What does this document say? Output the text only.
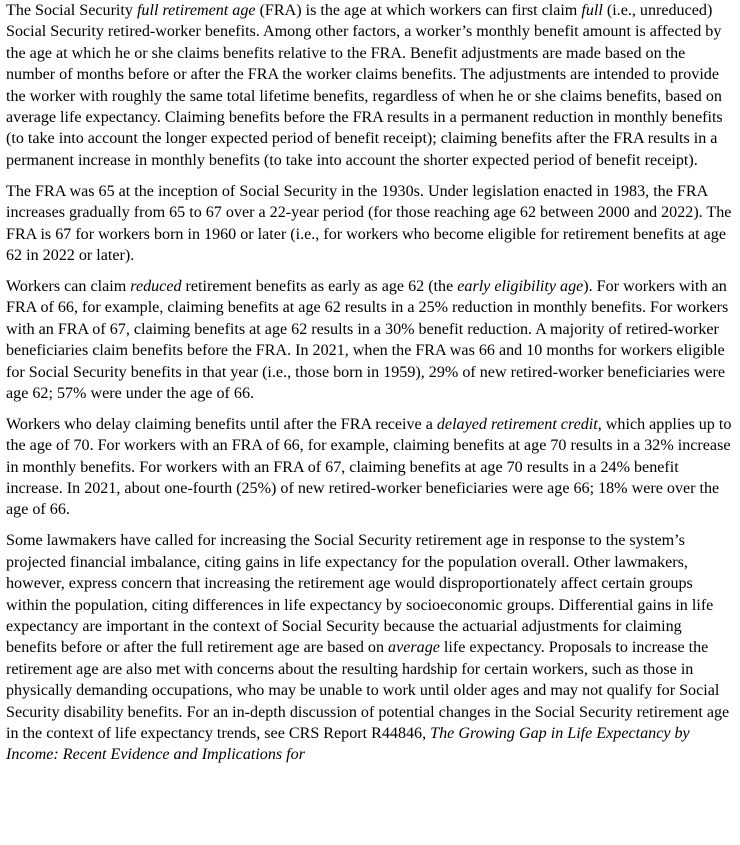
The Social Security full retirement age (FRA) is the age at which workers can first claim full (i.e., unreduced) Social Security retired-worker benefits. Among other factors, a worker’s monthly benefit amount is affected by the age at which he or she claims benefits relative to the FRA. Benefit adjustments are made based on the number of months before or after the FRA the worker claims benefits. The adjustments are intended to provide the worker with roughly the same total lifetime benefits, regardless of when he or she claims benefits, based on average life expectancy. Claiming benefits before the FRA results in a permanent reduction in monthly benefits (to take into account the longer expected period of benefit receipt); claiming benefits after the FRA results in a permanent increase in monthly benefits (to take into account the shorter expected period of benefit receipt).

The FRA was 65 at the inception of Social Security in the 1930s. Under legislation enacted in 1983, the FRA increases gradually from 65 to 67 over a 22-year period (for those reaching age 62 between 2000 and 2022). The FRA is 67 for workers born in 1960 or later (i.e., for workers who become eligible for retirement benefits at age 62 in 2022 or later).

Workers can claim reduced retirement benefits as early as age 62 (the early eligibility age). For workers with an FRA of 66, for example, claiming benefits at age 62 results in a 25% reduction in monthly benefits. For workers with an FRA of 67, claiming benefits at age 62 results in a 30% benefit reduction. A majority of retired-worker beneficiaries claim benefits before the FRA. In 2021, when the FRA was 66 and 10 months for workers eligible for Social Security benefits in that year (i.e., those born in 1959), 29% of new retired-worker beneficiaries were age 62; 57% were under the age of 66.

Workers who delay claiming benefits until after the FRA receive a delayed retirement credit, which applies up to the age of 70. For workers with an FRA of 66, for example, claiming benefits at age 70 results in a 32% increase in monthly benefits. For workers with an FRA of 67, claiming benefits at age 70 results in a 24% benefit increase. In 2021, about one-fourth (25%) of new retired-worker beneficiaries were age 66; 18% were over the age of 66.

Some lawmakers have called for increasing the Social Security retirement age in response to the system’s projected financial imbalance, citing gains in life expectancy for the population overall. Other lawmakers, however, express concern that increasing the retirement age would disproportionately affect certain groups within the population, citing differences in life expectancy by socioeconomic groups. Differential gains in life expectancy are important in the context of Social Security because the actuarial adjustments for claiming benefits before or after the full retirement age are based on average life expectancy. Proposals to increase the retirement age are also met with concerns about the resulting hardship for certain workers, such as those in physically demanding occupations, who may be unable to work until older ages and may not qualify for Social Security disability benefits. For an in-depth discussion of potential changes in the Social Security retirement age in the context of life expectancy trends, see CRS Report R44846, The Growing Gap in Life Expectancy by Income: Recent Evidence and Implications for
